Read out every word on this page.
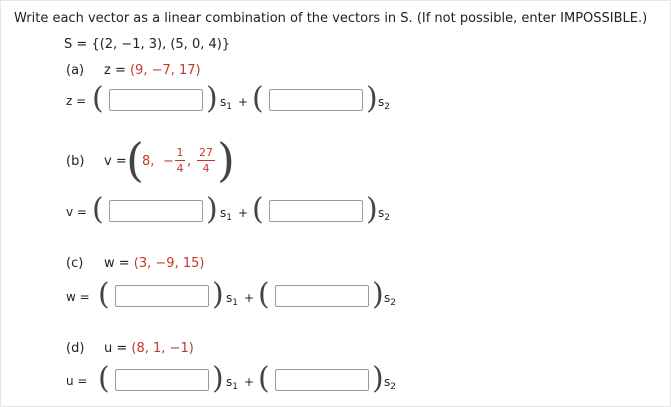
Write each vector as a linear combination of the vectors in S. (If not possible, enter IMPOSSIBLE.)
S = {(2, −1, 3), (5, 0, 4)}
(a) z = (9, −7, 17)
z = (	) $s_1$ + (	) $s_2$
(b) v = (
8, −
1
4 ,
27
4 )
v = (	) $s_1$ + (	) $s_2$
(c) w = (3, −9, 15)
w = (	) $s_1$ + (	) $s_2$
(d) u = (8, 1, −1)
u = (	) $s_1$ + (	) $s_2$
